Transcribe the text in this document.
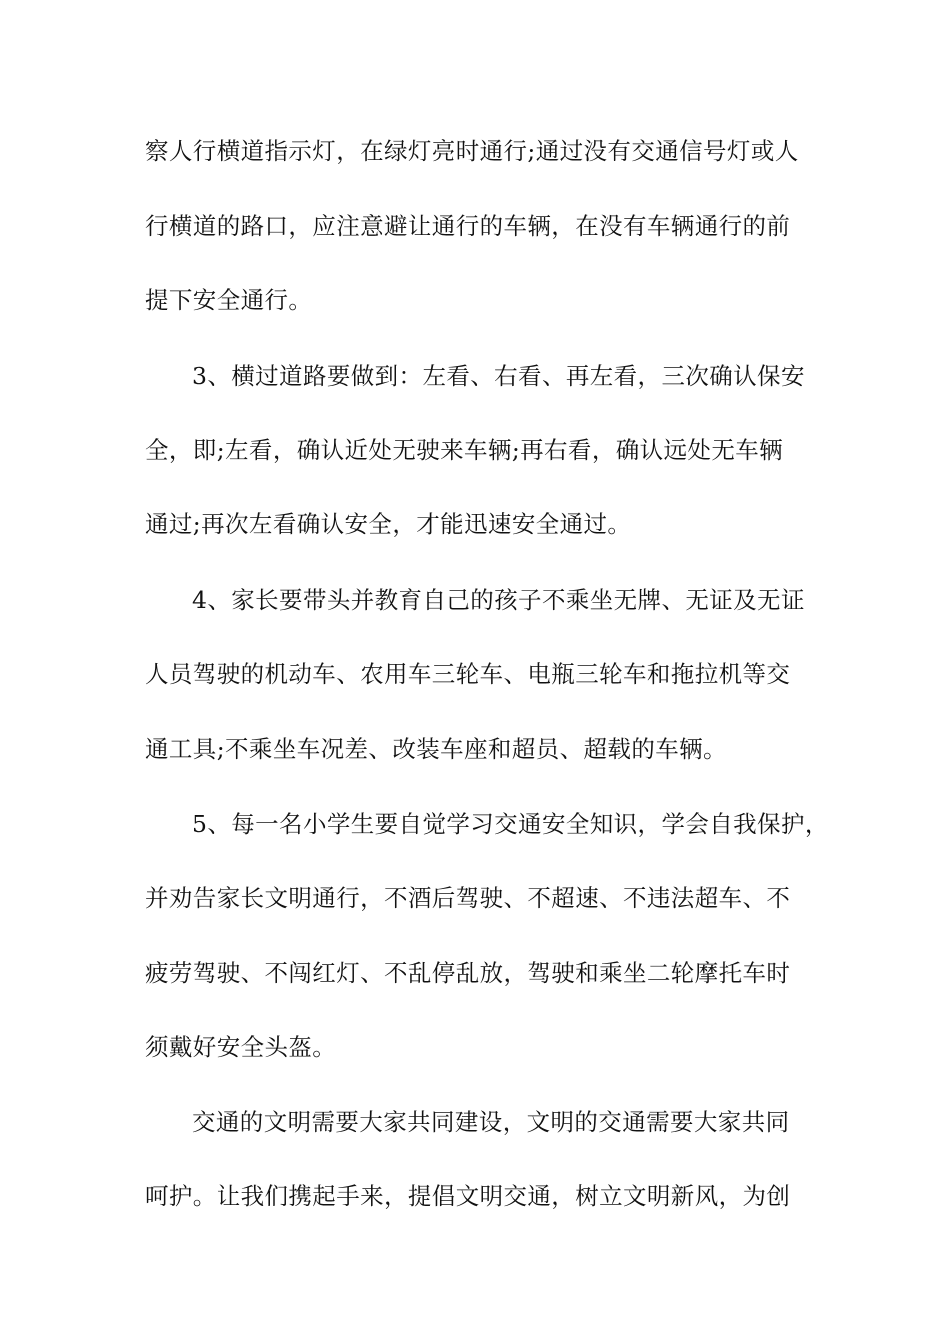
察人行横道指示灯，在绿灯亮时通行;通过没有交通信号灯或人
行横道的路口，应注意避让通行的车辆，在没有车辆通行的前
提下安全通行。
3、横过道路要做到：左看、右看、再左看，三次确认保安
全，即;左看，确认近处无驶来车辆;再右看，确认远处无车辆
通过;再次左看确认安全，才能迅速安全通过。
4、家长要带头并教育自己的孩子不乘坐无牌、无证及无证
人员驾驶的机动车、农用车三轮车、电瓶三轮车和拖拉机等交
通工具;不乘坐车况差、改装车座和超员、超载的车辆。
5、每一名小学生要自觉学习交通安全知识，学会自我保护，
并劝告家长文明通行，不酒后驾驶、不超速、不违法超车、不
疲劳驾驶、不闯红灯、不乱停乱放，驾驶和乘坐二轮摩托车时
须戴好安全头盔。
交通的文明需要大家共同建设，文明的交通需要大家共同
呵护。让我们携起手来，提倡文明交通，树立文明新风，为创
